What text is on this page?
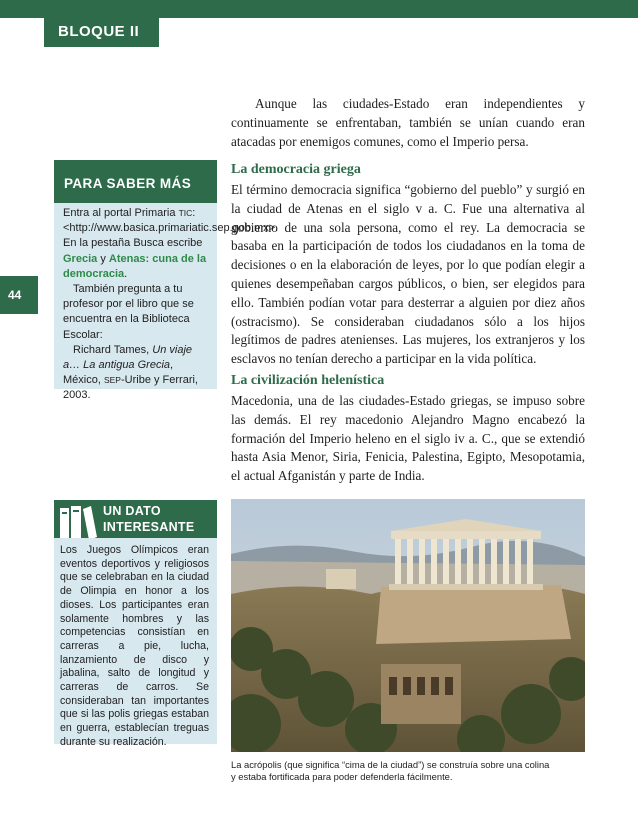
BLOQUE II
44

Aunque las ciudades-Estado eran independientes y continuamente se enfrentaban, también se unían cuando eran atacadas por enemigos comunes, como el Imperio persa.

La democracia griega

El término democracia significa “gobierno del pueblo” y surgió en la ciudad de Atenas en el siglo v a. C. Fue una alternativa al gobierno de una sola persona, como el rey. La democracia se basaba en la participación de todos los ciudadanos en la toma de decisiones o en la elaboración de leyes, por lo que podían elegir a quienes desempeñaban cargos públicos, o bien, ser elegidos para ello. También podían votar para desterrar a alguien por diez años (ostracismo). Se consideraban ciudadanos sólo a los hijos legítimos de padres atenienses. Las mujeres, los extranjeros y los esclavos no tenían derecho a participar en la vida política.

La civilización helenística

Macedonia, una de las ciudades-Estado griegas, se impuso sobre las demás. El rey macedonio Alejandro Magno encabezó la formación del Imperio heleno en el siglo iv a. C., que se extendió hasta Asia Menor, Siria, Fenicia, Palestina, Egipto, Mesopotamia, el actual Afganistán y parte de India.

PARA SABER MÁS

Entra al portal Primaria TIC: <http://www.basica.primariatic.sep.gob.mx>. En la pestaña Busca escribe Grecia y Atenas: cuna de la democracia.

También pregunta a tu profesor por el libro que se encuentra en la Biblioteca Escolar:

Richard Tames, Un viaje a… La antigua Grecia, México, SEP-Uribe y Ferrari, 2003.

UN DATO
INTERESANTE
Los Juegos Olímpicos eran eventos deportivos y religiosos que se celebraban en la ciudad de Olimpia en honor a los dioses. Los participantes eran solamente hombres y las competencias consistían en carreras a pie, lucha, lanzamiento de disco y jabalina, salto de longitud y carreras de carros. Se consideraban tan importantes que si las polis griegas estaban en guerra, establecían treguas durante su realización.

La acrópolis (que significa “cima de la ciudad”) se construía sobre una colina

y estaba fortificada para poder defenderla fácilmente.
